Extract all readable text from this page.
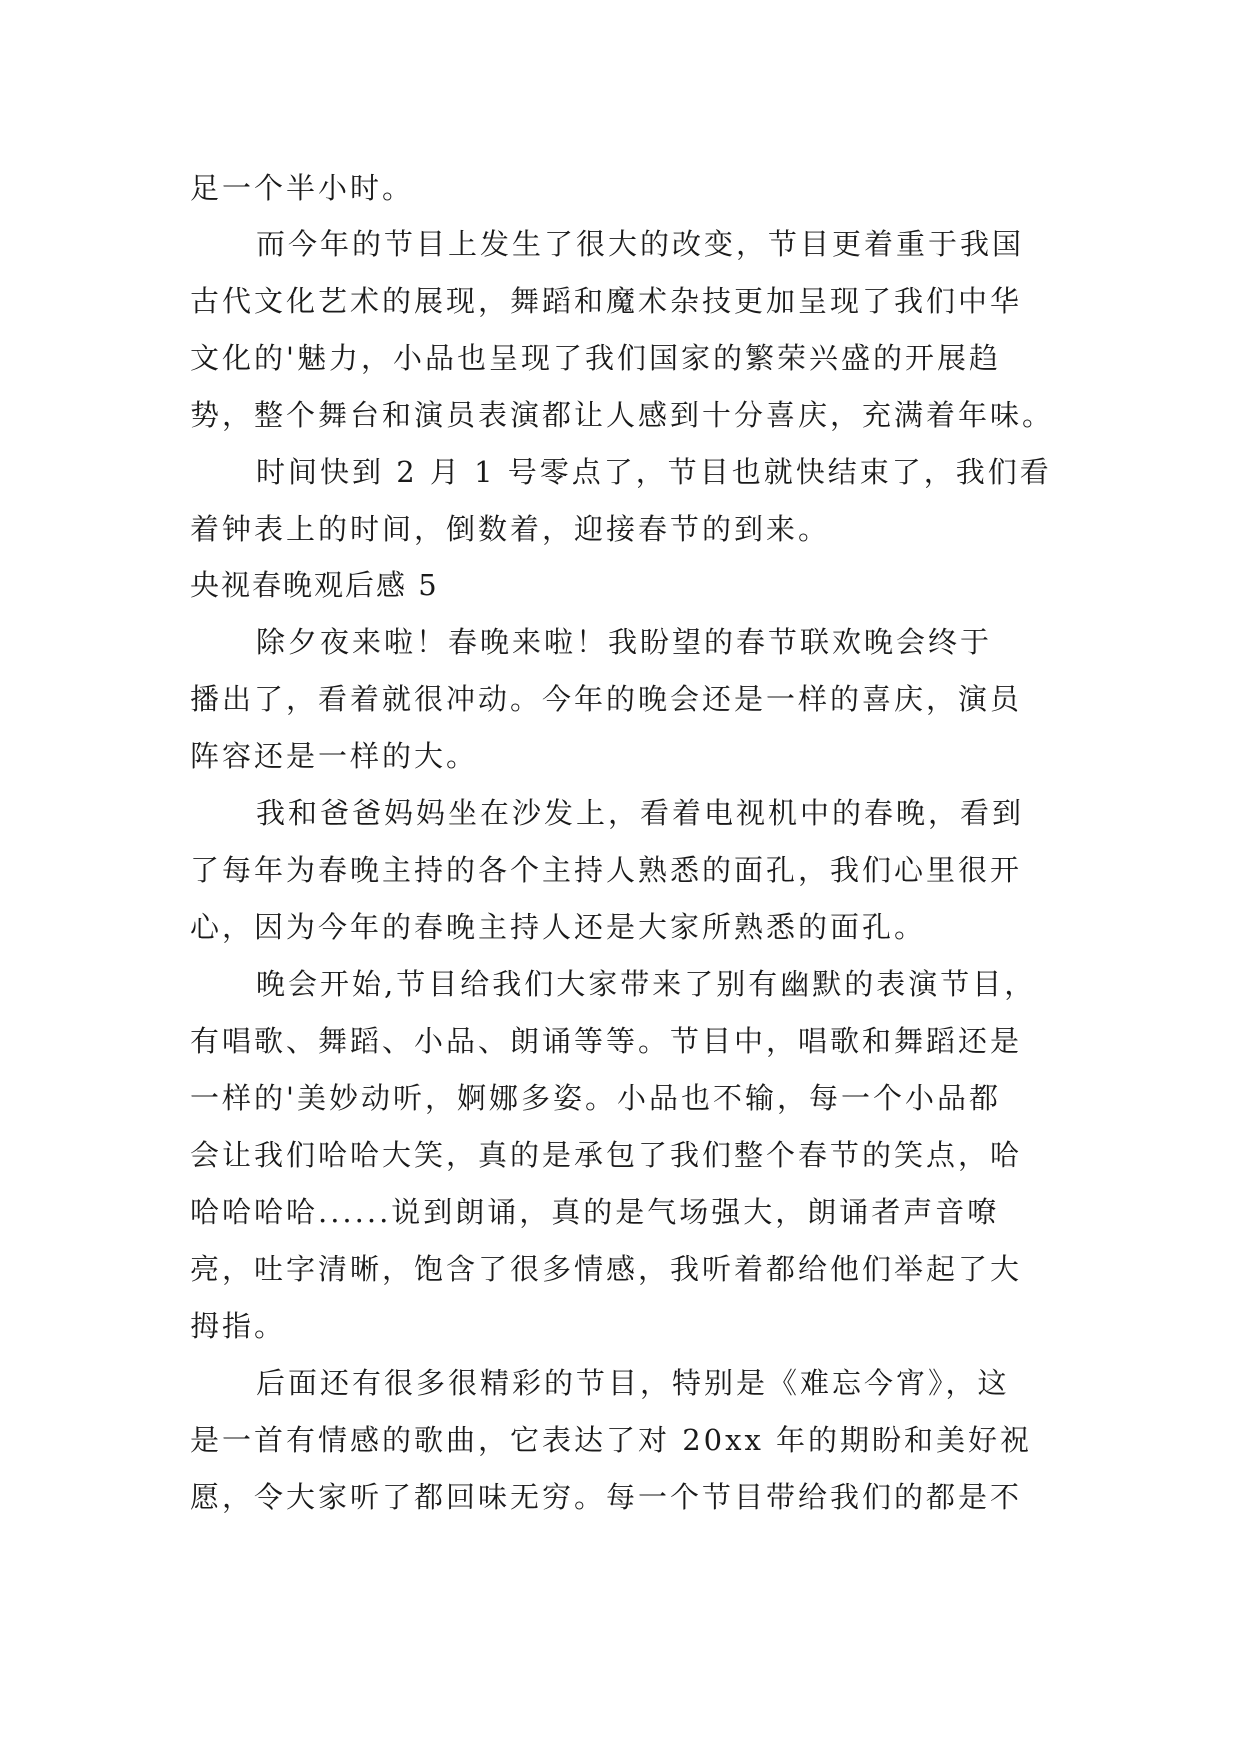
足一个半小时。
而今年的节目上发生了很大的改变，节目更着重于我国
古代文化艺术的展现，舞蹈和魔术杂技更加呈现了我们中华
文化的'魅力，小品也呈现了我们国家的繁荣兴盛的开展趋
势，整个舞台和演员表演都让人感到十分喜庆，充满着年味。
时间快到 2 月 1 号零点了，节目也就快结束了，我们看
着钟表上的时间，倒数着，迎接春节的到来。
央视春晚观后感 5
除夕夜来啦！春晚来啦！我盼望的春节联欢晚会终于
播出了，看着就很冲动。今年的晚会还是一样的喜庆，演员
阵容还是一样的大。
我和爸爸妈妈坐在沙发上，看着电视机中的春晚，看到
了每年为春晚主持的各个主持人熟悉的面孔，我们心里很开
心，因为今年的春晚主持人还是大家所熟悉的面孔。
晚会开始,节目给我们大家带来了别有幽默的表演节目，
有唱歌、舞蹈、小品、朗诵等等。节目中，唱歌和舞蹈还是
一样的'美妙动听，婀娜多姿。小品也不输，每一个小品都
会让我们哈哈大笑，真的是承包了我们整个春节的笑点，哈
哈哈哈哈......说到朗诵，真的是气场强大，朗诵者声音嘹
亮，吐字清晰，饱含了很多情感，我听着都给他们举起了大
拇指。
后面还有很多很精彩的节目，特别是《难忘今宵》，这
是一首有情感的歌曲，它表达了对 20xx 年的期盼和美好祝
愿，令大家听了都回味无穷。每一个节目带给我们的都是不
